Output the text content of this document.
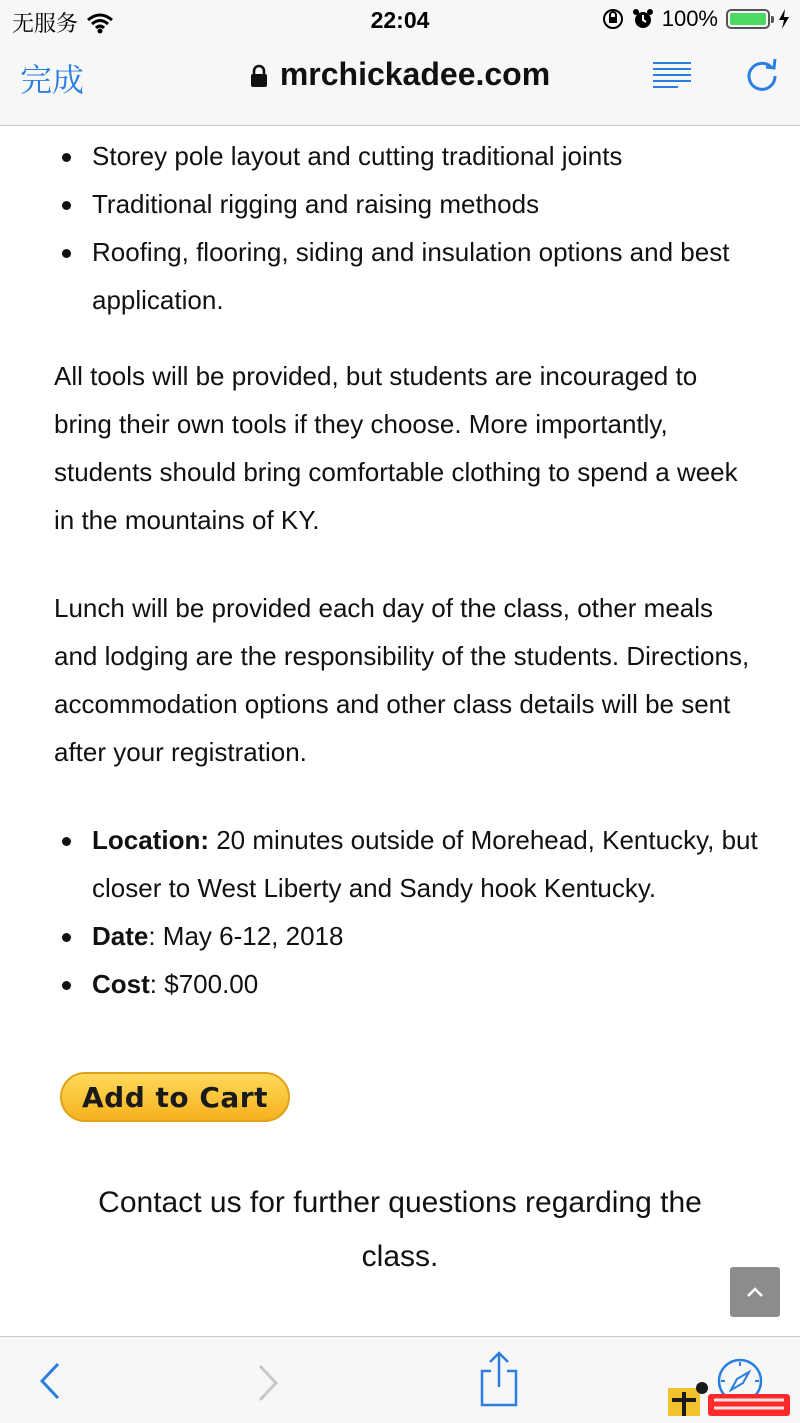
无服务	22:04	100%
完成	mrchickadee.com
Storey pole layout and cutting traditional joints
Traditional rigging and raising methods
Roofing, flooring, siding and insulation options and best application.

All tools will be provided, but students are incouraged to bring their own tools if they choose. More importantly, students should bring comfortable clothing to spend a week in the mountains of KY.

Lunch will be provided each day of the class, other meals and lodging are the responsibility of the students. Directions, accommodation options and other class details will be sent after your registration.

Location: 20 minutes outside of Morehead, Kentucky, but closer to West Liberty and Sandy hook Kentucky.
Date: May 6-12, 2018
Cost: $700.00
Add to Cart

Contact us for further questions regarding the class.
